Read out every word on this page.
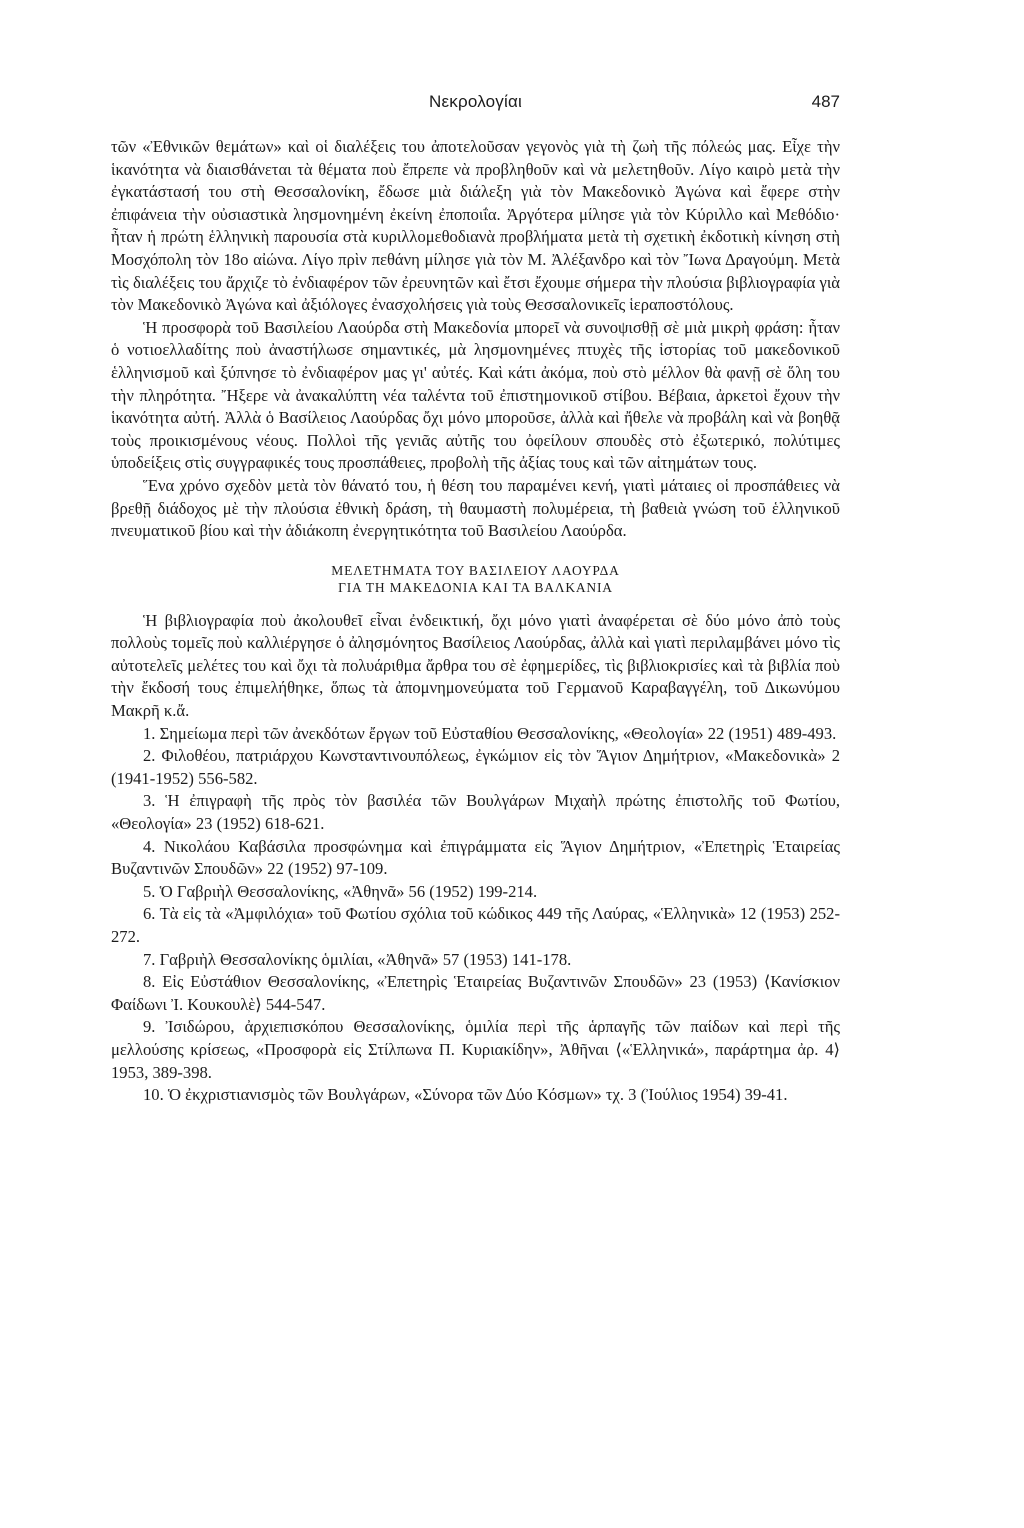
Νεκρολογίαι	487

τῶν «Ἐθνικῶν θεμάτων» καὶ οἱ διαλέξεις του ἀποτελοῦσαν γεγονὸς γιὰ τὴ ζωὴ τῆς πόλεώς μας. Εἶχε τὴν ἱκανότητα νὰ διαισθάνεται τὰ θέματα ποὺ ἔπρεπε νὰ προβληθοῦν καὶ νὰ μελετηθοῦν. Λίγο καιρὸ μετὰ τὴν ἐγκατάστασή του στὴ Θεσσαλονίκη, ἔδωσε μιὰ διάλεξη γιὰ τὸν Μακεδονικὸ Ἀγώνα καὶ ἔφερε στὴν ἐπιφάνεια τὴν οὐσιαστικὰ λησμονημένη ἐκείνη ἐποποιΐα. Ἀργότερα μίλησε γιὰ τὸν Κύριλλο καὶ Μεθόδιο· ἦταν ἡ πρώτη ἑλληνικὴ παρουσία στὰ κυριλλομεθοδιανὰ προβλήματα μετὰ τὴ σχετικὴ ἐκδοτικὴ κίνηση στὴ Μοσχόπολη τὸν 18ο αἰώνα. Λίγο πρὶν πεθάνη μίλησε γιὰ τὸν Μ. Ἀλέξανδρο καὶ τὸν Ἴωνα Δραγούμη. Μετὰ τὶς διαλέξεις του ἄρχιζε τὸ ἐνδιαφέρον τῶν ἐρευνητῶν καὶ ἔτσι ἔχουμε σήμερα τὴν πλούσια βιβλιογραφία γιὰ τὸν Μακεδονικὸ Ἀγώνα καὶ ἀξιόλογες ἐνασχολήσεις γιὰ τοὺς Θεσσαλονικεῖς ἱεραποστόλους.

Ἡ προσφορὰ τοῦ Βασιλείου Λαούρδα στὴ Μακεδονία μπορεῖ νὰ συνοψισθῇ σὲ μιὰ μικρὴ φράση: ἦταν ὁ νοτιοελλαδίτης ποὺ ἀναστήλωσε σημαντικές, μὰ λησμονημένες πτυχὲς τῆς ἱστορίας τοῦ μακεδονικοῦ ἑλληνισμοῦ καὶ ξύπνησε τὸ ἐνδιαφέρον μας γι' αὐτές. Καὶ κάτι ἀκόμα, ποὺ στὸ μέλλον θὰ φανῇ σὲ ὅλη του τὴν πληρότητα. Ἤξερε νὰ ἀνακαλύπτη νέα ταλέντα τοῦ ἐπιστημονικοῦ στίβου. Βέβαια, ἀρκετοὶ ἔχουν τὴν ἱκανότητα αὐτή. Ἀλλὰ ὁ Βασίλειος Λαούρδας ὄχι μόνο μποροῦσε, ἀλλὰ καὶ ἤθελε νὰ προβάλη καὶ νὰ βοηθᾷ τοὺς προικισμένους νέους. Πολλοὶ τῆς γενιᾶς αὐτῆς του ὀφείλουν σπουδὲς στὸ ἐξωτερικό, πολύτιμες ὑποδείξεις στὶς συγγραφικές τους προσπάθειες, προβολὴ τῆς ἀξίας τους καὶ τῶν αἰτημάτων τους.

Ἕνα χρόνο σχεδὸν μετὰ τὸν θάνατό του, ἡ θέση του παραμένει κενή, γιατὶ μάταιες οἱ προσπάθειες νὰ βρεθῇ διάδοχος μὲ τὴν πλούσια ἐθνικὴ δράση, τὴ θαυμαστὴ πολυμέρεια, τὴ βαθειὰ γνώση τοῦ ἑλληνικοῦ πνευματικοῦ βίου καὶ τὴν ἀδιάκοπη ἐνεργητικότητα τοῦ Βασιλείου Λαούρδα.

ΜΕΛΕΤΗΜΑΤΑ ΤΟΥ ΒΑΣΙΛΕΙΟΥ ΛΑΟΥΡΔΑ
ΓΙΑ ΤΗ ΜΑΚΕΔΟΝΙΑ ΚΑΙ ΤΑ ΒΑΛΚΑΝΙΑ

Ἡ βιβλιογραφία ποὺ ἀκολουθεῖ εἶναι ἐνδεικτική, ὄχι μόνο γιατὶ ἀναφέρεται σὲ δύο μόνο ἀπὸ τοὺς πολλοὺς τομεῖς ποὺ καλλιέργησε ὁ ἀλησμόνητος Βασίλειος Λαούρδας, ἀλλὰ καὶ γιατὶ περιλαμβάνει μόνο τὶς αὐτοτελεῖς μελέτες του καὶ ὄχι τὰ πολυάριθμα ἄρθρα του σὲ ἐφημερίδες, τὶς βιβλιοκρισίες καὶ τὰ βιβλία ποὺ τὴν ἔκδοσή τους ἐπιμελήθηκε, ὅπως τὰ ἀπομνημονεύματα τοῦ Γερμανοῦ Καραβαγγέλη, τοῦ Δικωνύμου Μακρῆ κ.ἄ.

1. Σημείωμα περὶ τῶν ἀνεκδότων ἔργων τοῦ Εὐσταθίου Θεσσαλονίκης, «Θεολογία» 22 (1951) 489-493.

2. Φιλοθέου, πατριάρχου Κωνσταντινουπόλεως, ἐγκώμιον εἰς τὸν Ἅγιον Δημήτριον, «Μακεδονικὰ» 2 (1941-1952) 556-582.

3. Ἡ ἐπιγραφὴ τῆς πρὸς τὸν βασιλέα τῶν Βουλγάρων Μιχαὴλ πρώτης ἐπιστολῆς τοῦ Φωτίου, «Θεολογία» 23 (1952) 618-621.

4. Νικολάου Καβάσιλα προσφώνημα καὶ ἐπιγράμματα εἰς Ἅγιον Δημήτριον, «Ἐπετηρὶς Ἑταιρείας Βυζαντινῶν Σπουδῶν» 22 (1952) 97-109.

5. Ὁ Γαβριὴλ Θεσσαλονίκης, «Ἀθηνᾶ» 56 (1952) 199-214.

6. Τὰ εἰς τὰ «Ἀμφιλόχια» τοῦ Φωτίου σχόλια τοῦ κώδικος 449 τῆς Λαύρας, «Ἑλληνικὰ» 12 (1953) 252-272.

7. Γαβριὴλ Θεσσαλονίκης ὁμιλίαι, «Ἀθηνᾶ» 57 (1953) 141-178.

8. Εἰς Εὐστάθιον Θεσσαλονίκης, «Ἐπετηρὶς Ἑταιρείας Βυζαντινῶν Σπουδῶν» 23 (1953) ⟨Κανίσκιον Φαίδωνι Ἰ. Κουκουλὲ⟩ 544-547.

9. Ἰσιδώρου, ἀρχιεπισκόπου Θεσσαλονίκης, ὁμιλία περὶ τῆς ἁρπαγῆς τῶν παίδων καὶ περὶ τῆς μελλούσης κρίσεως, «Προσφορὰ εἰς Στίλπωνα Π. Κυριακίδην», Ἀθῆναι ⟨«Ἑλληνικά», παράρτημα ἀρ. 4⟩ 1953, 389-398.

10. Ὁ ἐκχριστιανισμὸς τῶν Βουλγάρων, «Σύνορα τῶν Δύο Κόσμων» τχ. 3 (Ἰούλιος 1954) 39-41.
